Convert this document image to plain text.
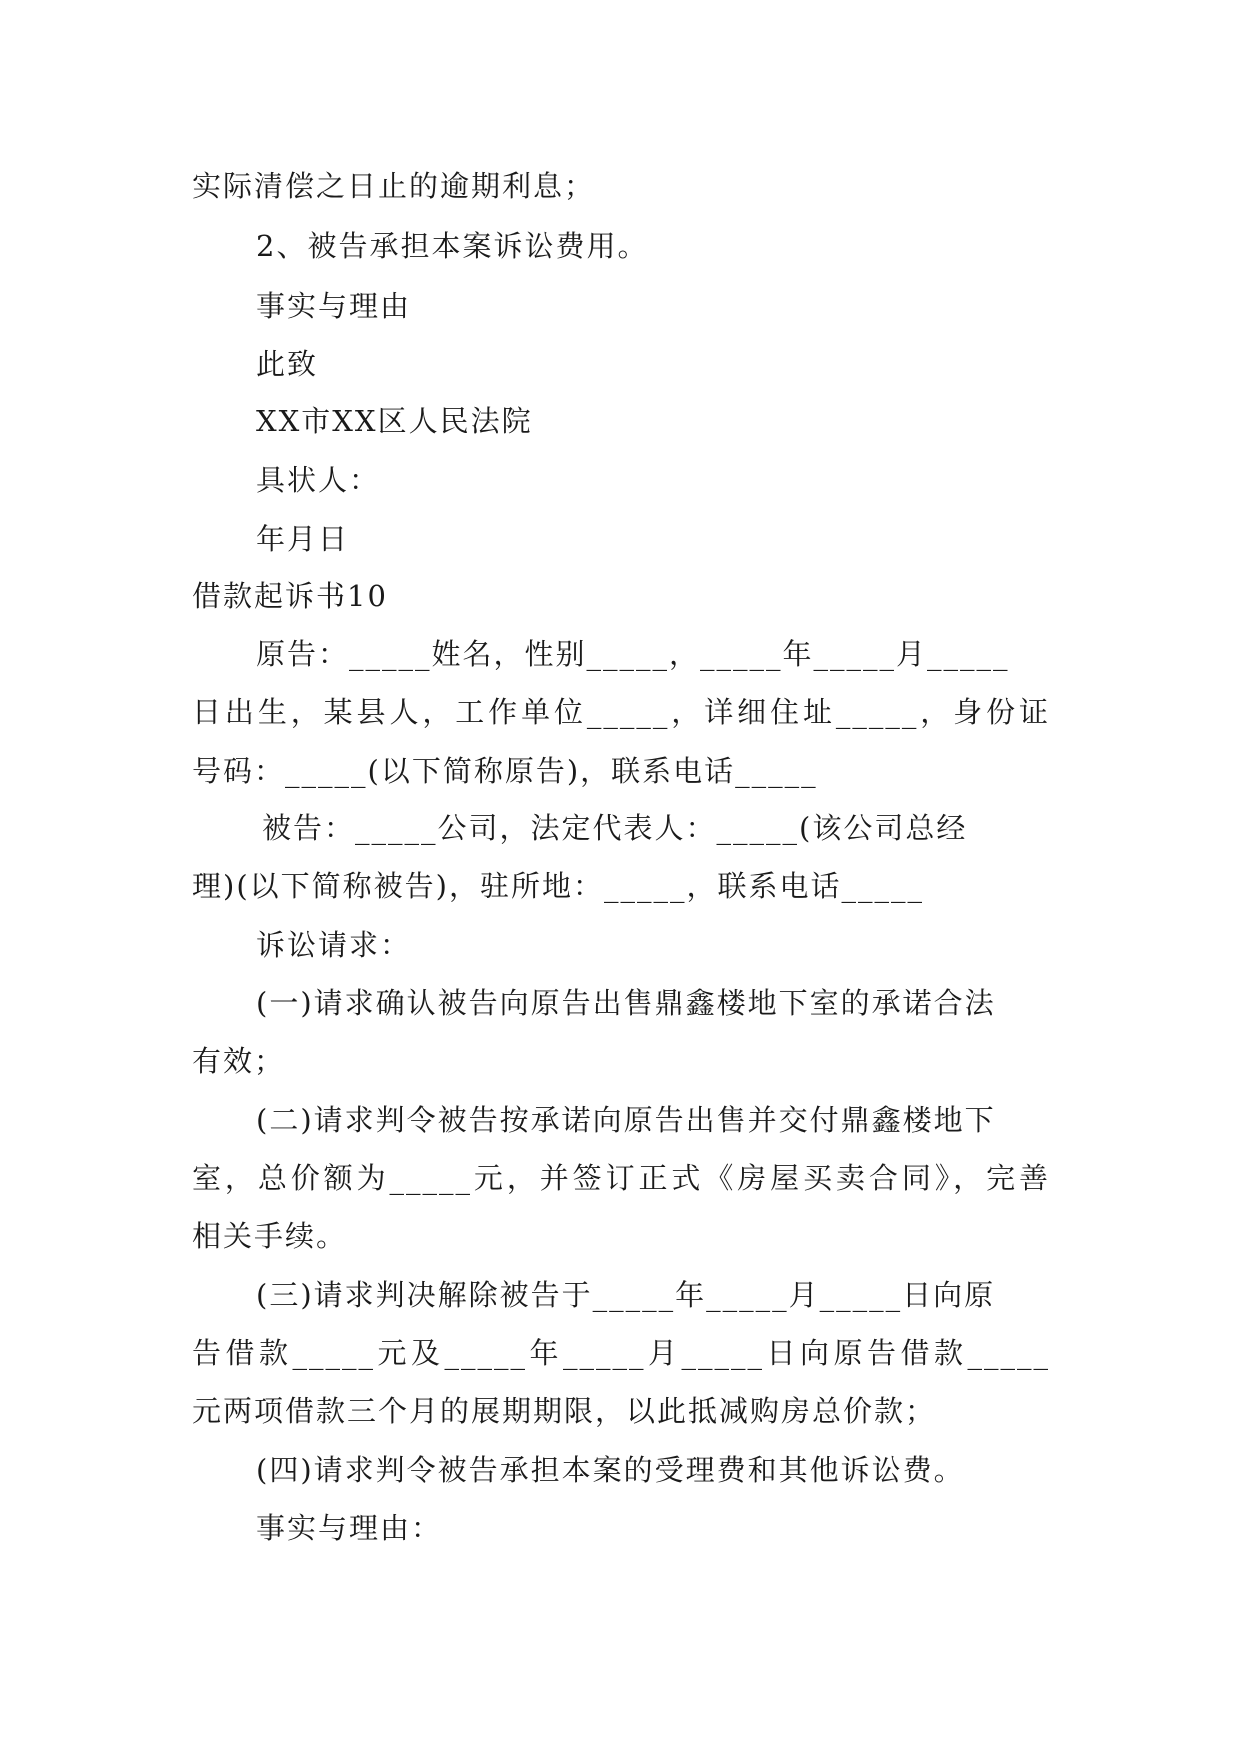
实际清偿之日止的逾期利息；
2、被告承担本案诉讼费用。
事实与理由
此致
XX市XX区人民法院
具状人：
年月日
借款起诉书10
原告：_____姓名，性别_____，_____年_____月_____
日出生，某县人，工作单位_____，详细住址_____，身份证
号码：_____(以下简称原告)，联系电话_____
被告：_____公司，法定代表人：_____(该公司总经
理)(以下简称被告)，驻所地：_____，联系电话_____
诉讼请求：
(一)请求确认被告向原告出售鼎鑫楼地下室的承诺合法
有效；
(二)请求判令被告按承诺向原告出售并交付鼎鑫楼地下
室，总价额为_____元，并签订正式《房屋买卖合同》，完善
相关手续。
(三)请求判决解除被告于_____年_____月_____日向原
告借款_____元及_____年_____月_____日向原告借款_____
元两项借款三个月的展期期限，以此抵减购房总价款；
(四)请求判令被告承担本案的受理费和其他诉讼费。
事实与理由：
